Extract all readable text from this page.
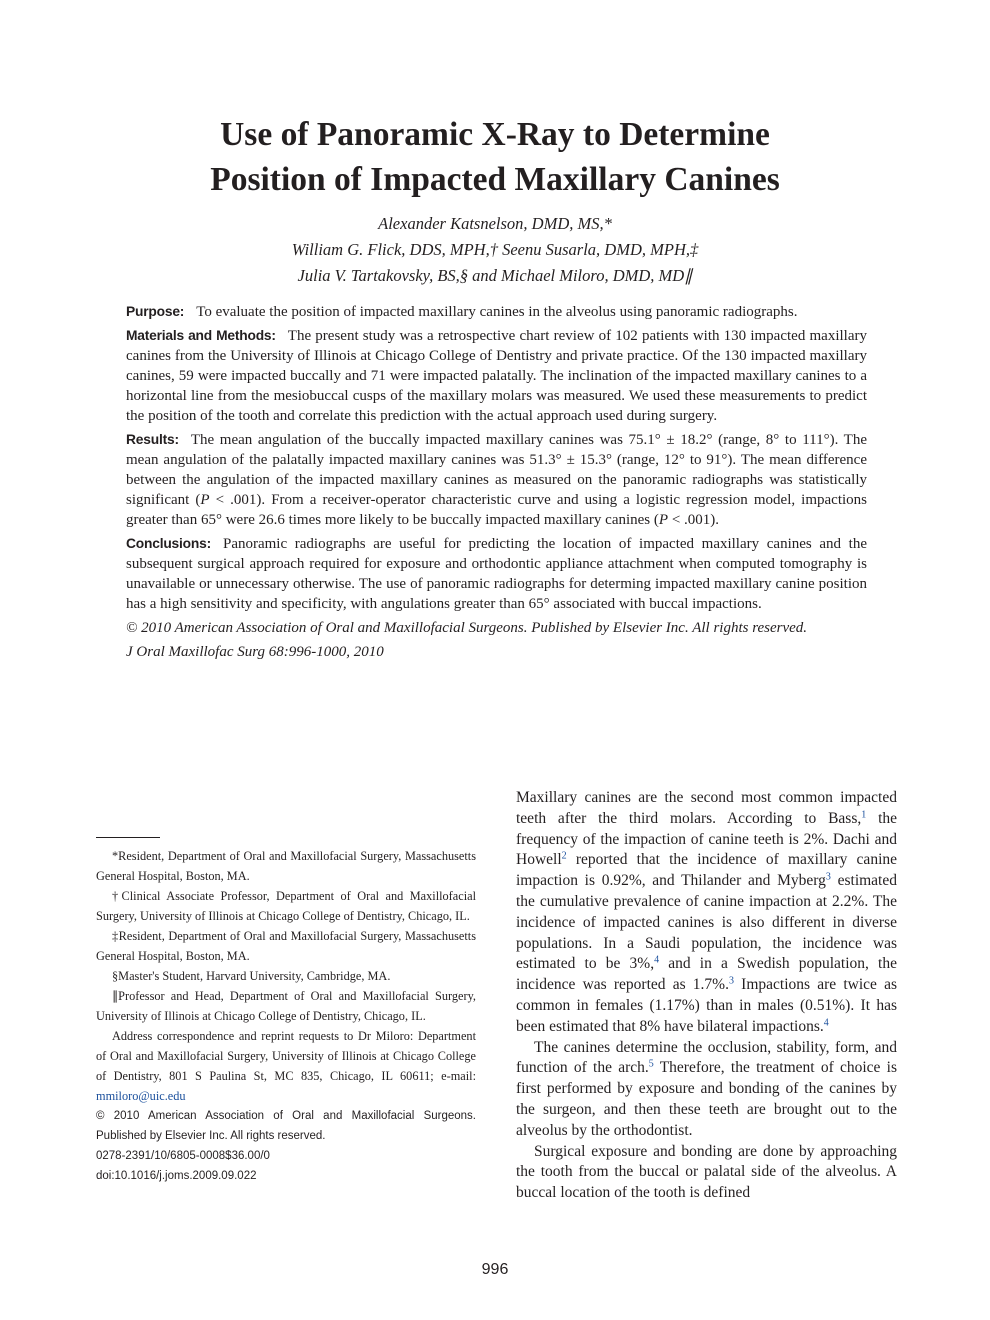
Use of Panoramic X-Ray to Determine
Position of Impacted Maxillary Canines
Alexander Katsnelson, DMD, MS,*
William G. Flick, DDS, MPH,† Seenu Susarla, DMD, MPH,‡
Julia V. Tartakovsky, BS,§ and Michael Miloro, DMD, MD∥

Purpose: To evaluate the position of impacted maxillary canines in the alveolus using panoramic radiographs.

Materials and Methods: The present study was a retrospective chart review of 102 patients with 130 impacted maxillary canines from the University of Illinois at Chicago College of Dentistry and private practice. Of the 130 impacted maxillary canines, 59 were impacted buccally and 71 were impacted palatally. The inclination of the impacted maxillary canines to a horizontal line from the mesiobuccal cusps of the maxillary molars was measured. We used these measurements to predict the position of the tooth and correlate this prediction with the actual approach used during surgery.

Results: The mean angulation of the buccally impacted maxillary canines was 75.1° ± 18.2° (range, 8° to 111°). The mean angulation of the palatally impacted maxillary canines was 51.3° ± 15.3° (range, 12° to 91°). The mean difference between the angulation of the impacted maxillary canines as measured on the panoramic radiographs was statistically significant (P < .001). From a receiver-operator characteristic curve and using a logistic regression model, impactions greater than 65° were 26.6 times more likely to be buccally impacted maxillary canines (P < .001).

Conclusions: Panoramic radiographs are useful for predicting the location of impacted maxillary canines and the subsequent surgical approach required for exposure and orthodontic appliance attachment when computed tomography is unavailable or unnecessary otherwise. The use of panoramic radiographs for determing impacted maxillary canine position has a high sensitivity and specificity, with angulations greater than 65° associated with buccal impactions.

© 2010 American Association of Oral and Maxillofacial Surgeons. Published by Elsevier Inc. All rights reserved.

J Oral Maxillofac Surg 68:996-1000, 2010

*Resident, Department of Oral and Maxillofacial Surgery, Massachusetts General Hospital, Boston, MA.

†Clinical Associate Professor, Department of Oral and Maxillofacial Surgery, University of Illinois at Chicago College of Dentistry, Chicago, IL.

‡Resident, Department of Oral and Maxillofacial Surgery, Massachusetts General Hospital, Boston, MA.

§Master's Student, Harvard University, Cambridge, MA.

∥Professor and Head, Department of Oral and Maxillofacial Surgery, University of Illinois at Chicago College of Dentistry, Chicago, IL.

Address correspondence and reprint requests to Dr Miloro: Department of Oral and Maxillofacial Surgery, University of Illinois at Chicago College of Dentistry, 801 S Paulina St, MC 835, Chicago, IL 60611; e-mail: mmiloro@uic.edu

© 2010 American Association of Oral and Maxillofacial Surgeons. Published by Elsevier Inc. All rights reserved.

0278-2391/10/6805-0008$36.00/0
doi:10.1016/j.joms.2009.09.022

Maxillary canines are the second most common impacted teeth after the third molars. According to Bass,$^1$ the frequency of the impaction of canine teeth is 2%. Dachi and Howell$^2$ reported that the incidence of maxillary canine impaction is 0.92%, and Thilander and Myberg$^3$ estimated the cumulative prevalence of canine impaction at 2.2%. The incidence of impacted canines is also different in diverse populations. In a Saudi population, the incidence was estimated to be 3%,$^4$ and in a Swedish population, the incidence was reported as 1.7%.$^3$ Impactions are twice as common in females (1.17%) than in males (0.51%). It has been estimated that 8% have bilateral impactions.$^4$

The canines determine the occlusion, stability, form, and function of the arch.$^5$ Therefore, the treatment of choice is first performed by exposure and bonding of the canines by the surgeon, and then these teeth are brought out to the alveolus by the orthodontist.

Surgical exposure and bonding are done by approaching the tooth from the buccal or palatal side of the alveolus. A buccal location of the tooth is defined

996
